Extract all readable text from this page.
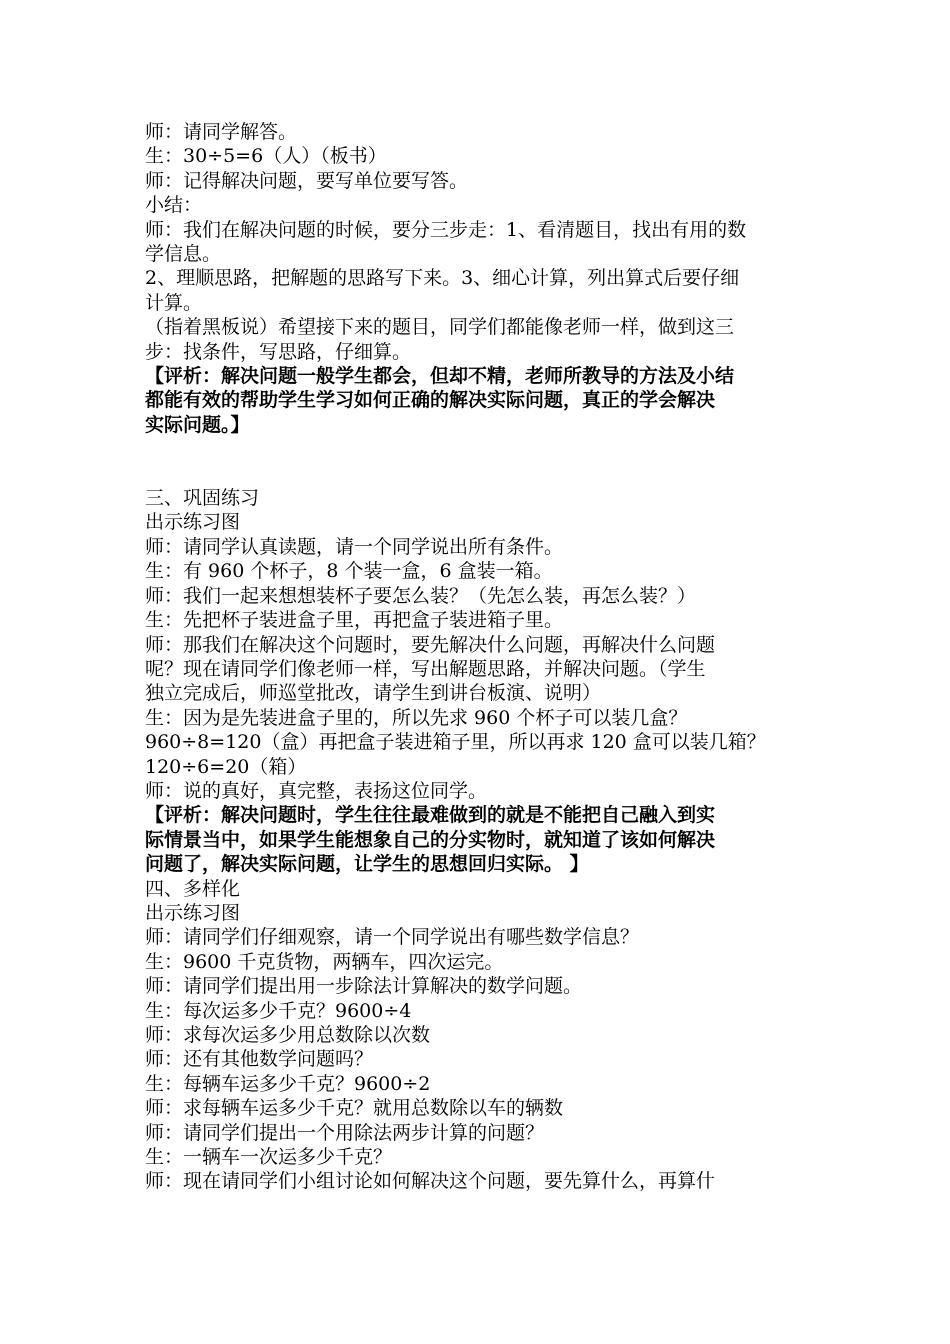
师：请同学解答。
生：30÷5=6（人）（板书）
师：记得解决问题，要写单位要写答。
小结：
师：我们在解决问题的时候，要分三步走：1、看清题目，找出有用的数
学信息。
2、理顺思路，把解题的思路写下来。3、细心计算，列出算式后要仔细
计算。
（指着黑板说）希望接下来的题目，同学们都能像老师一样，做到这三
步：找条件，写思路，仔细算。
【评析：解决问题一般学生都会，但却不精，老师所教导的方法及小结
都能有效的帮助学生学习如何正确的解决实际问题，真正的学会解决
实际问题。】
三、巩固练习
出示练习图
师：请同学认真读题，请一个同学说出所有条件。
生：有 960 个杯子，8 个装一盒，6 盒装一箱。
师：我们一起来想想装杯子要怎么装？（先怎么装，再怎么装？）
生：先把杯子装进盒子里，再把盒子装进箱子里。
师：那我们在解决这个问题时，要先解决什么问题，再解决什么问题
呢？现在请同学们像老师一样，写出解题思路，并解决问题。（学生
独立完成后，师巡堂批改，请学生到讲台板演、说明）
生：因为是先装进盒子里的，所以先求 960 个杯子可以装几盒？
960÷8=120（盒）再把盒子装进箱子里，所以再求 120 盒可以装几箱？
120÷6=20（箱）
师：说的真好，真完整，表扬这位同学。
【评析：解决问题时，学生往往最难做到的就是不能把自己融入到实
际情景当中，如果学生能想象自己的分实物时，就知道了该如何解决
问题了，解决实际问题，让学生的思想回归实际。 】
四、多样化
出示练习图
师：请同学们仔细观察，请一个同学说出有哪些数学信息？
生：9600 千克货物，两辆车，四次运完。
师：请同学们提出用一步除法计算解决的数学问题。
生：每次运多少千克？9600÷4
师：求每次运多少用总数除以次数
师：还有其他数学问题吗？
生：每辆车运多少千克？9600÷2
师：求每辆车运多少千克？就用总数除以车的辆数
师：请同学们提出一个用除法两步计算的问题？
生：一辆车一次运多少千克？
师：现在请同学们小组讨论如何解决这个问题，要先算什么，再算什
